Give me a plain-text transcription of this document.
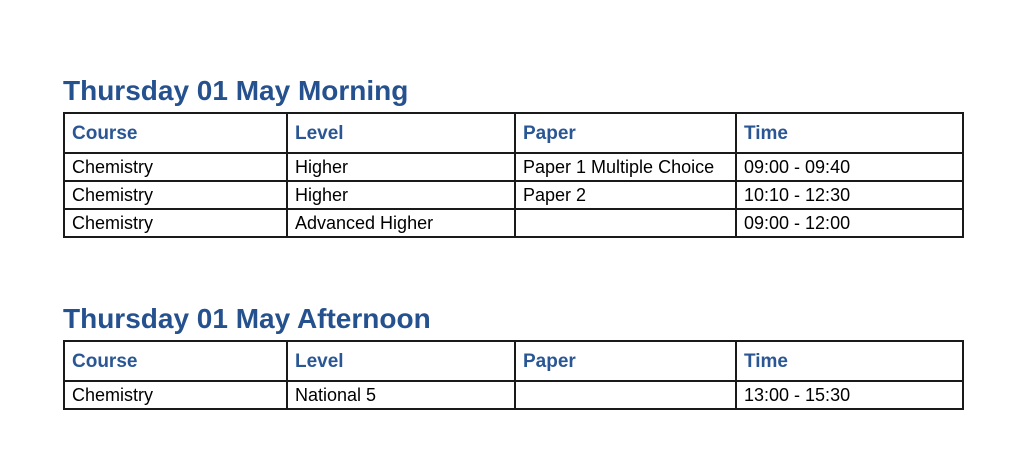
Thursday 01 May Morning
Course	Level	Paper	Time
Chemistry	Higher	Paper 1 Multiple Choice	09:00 - 09:40
Chemistry	Higher	Paper 2	10:10 - 12:30
Chemistry	Advanced Higher		09:00 - 12:00
Thursday 01 May Afternoon
Course	Level	Paper	Time
Chemistry	National 5		13:00 - 15:30
